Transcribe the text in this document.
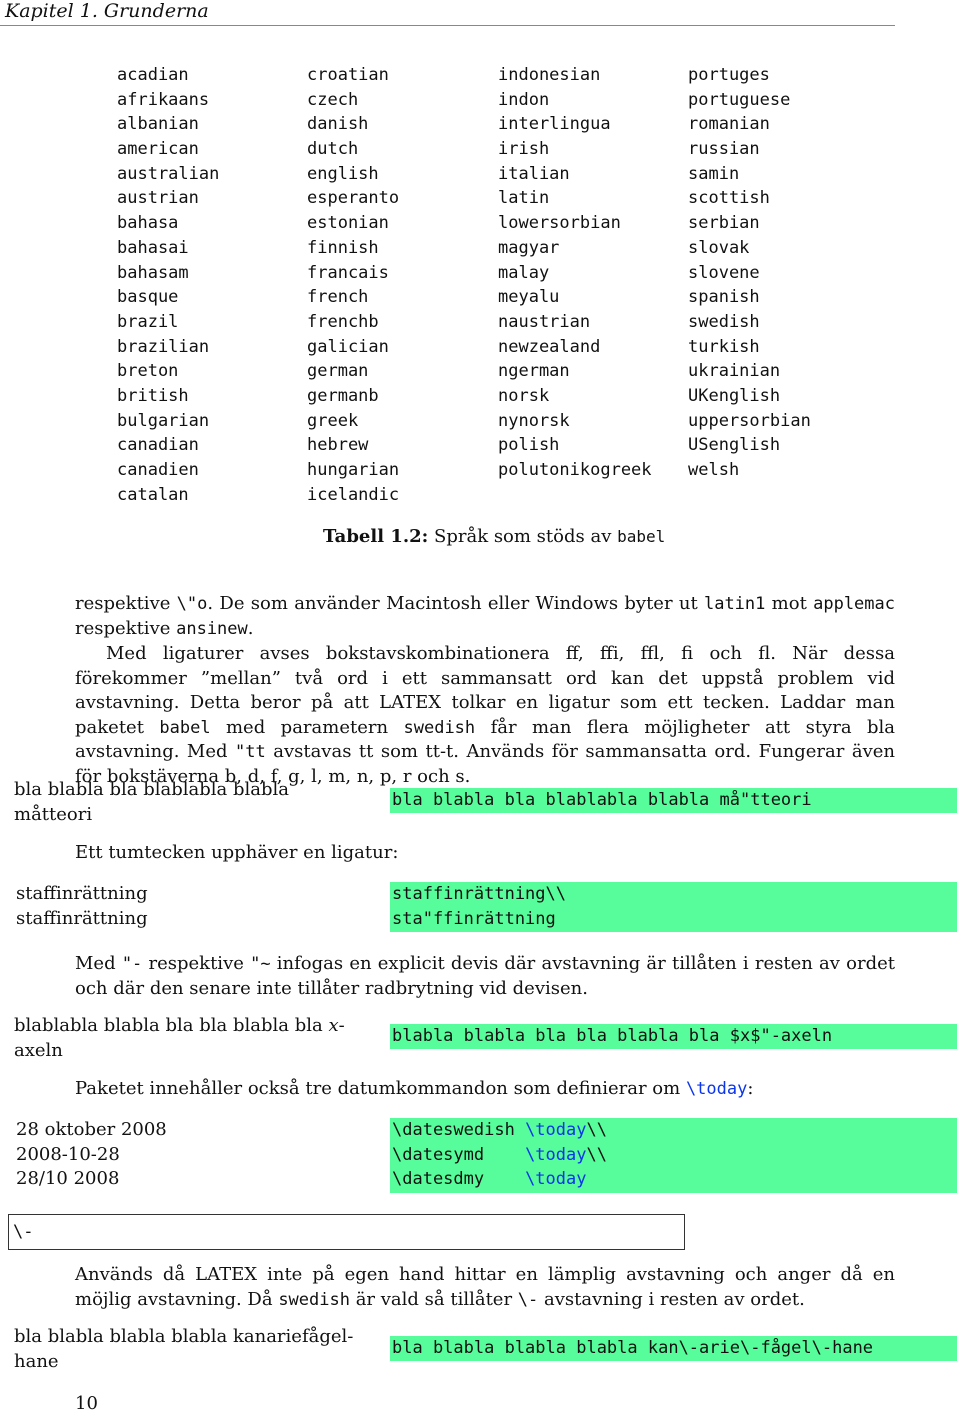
Kapitel 1. Grunderna
acadian
afrikaans
albanian
american
australian
austrian
bahasa
bahasai
bahasam
basque
brazil
brazilian
breton
british
bulgarian
canadian
canadien
catalan
croatian
czech
danish
dutch
english
esperanto
estonian
finnish
francais
french
frenchb
galician
german
germanb
greek
hebrew
hungarian
icelandic
indonesian
indon
interlingua
irish
italian
latin
lowersorbian
magyar
malay
meyalu
naustrian
newzealand
ngerman
norsk
nynorsk
polish
polutonikogreek
portuges
portuguese
romanian
russian
samin
scottish
serbian
slovak
slovene
spanish
swedish
turkish
ukrainian
UKenglish
uppersorbian
USenglish
welsh
Tabell 1.2: Språk som stöds av babel
respektive \"o. De som använder Macintosh eller Windows byter ut latin1 mot applemac respektive ansinew.
Med ligaturer avses bokstavskombinationera ff, ffi, ffl, fi och fl. När dessa förekommer ”mellan” två ord i ett sammansatt ord kan det uppstå problem vid avstavning. Detta beror på att LATEX tolkar en ligatur som ett tecken. Laddar man paketet babel med parametern swedish får man flera möjligheter att styra bla avstavning. Med "tt avstavas tt som tt-t. Används för sammansatta ord. Fungerar även för bokstäverna b, d, f, g, l, m, n, p, r och s.
bla blabla bla blablabla blabla måtteori
bla blabla bla blablabla blabla må"tteori
Ett tumtecken upphäver en ligatur:
staffinrättning
staffinrättning
staffinrättning\\
sta"ffinrättning
Med "- respektive "~ infogas en explicit devis där avstavning är tillåten i resten av ordet och där den senare inte tillåter radbrytning vid devisen.
blablabla blabla bla bla blabla bla x-axeln
blabla blabla bla bla blabla bla $x$"-axeln
Paketet innehåller också tre datumkommandon som definierar om \today:
28 oktober 2008
2008-10-28
28/10 2008
\dateswedish \today\\
\datesymd    \today\\
\datesdmy    \today
\-
Används då LATEX inte på egen hand hittar en lämplig avstavning och anger då en möjlig avstavning. Då swedish är vald så tillåter \- avstavning i resten av ordet.
bla blabla blabla blabla kanariefågel-hane
bla blabla blabla blabla kan\-arie\-fågel\-hane
10
